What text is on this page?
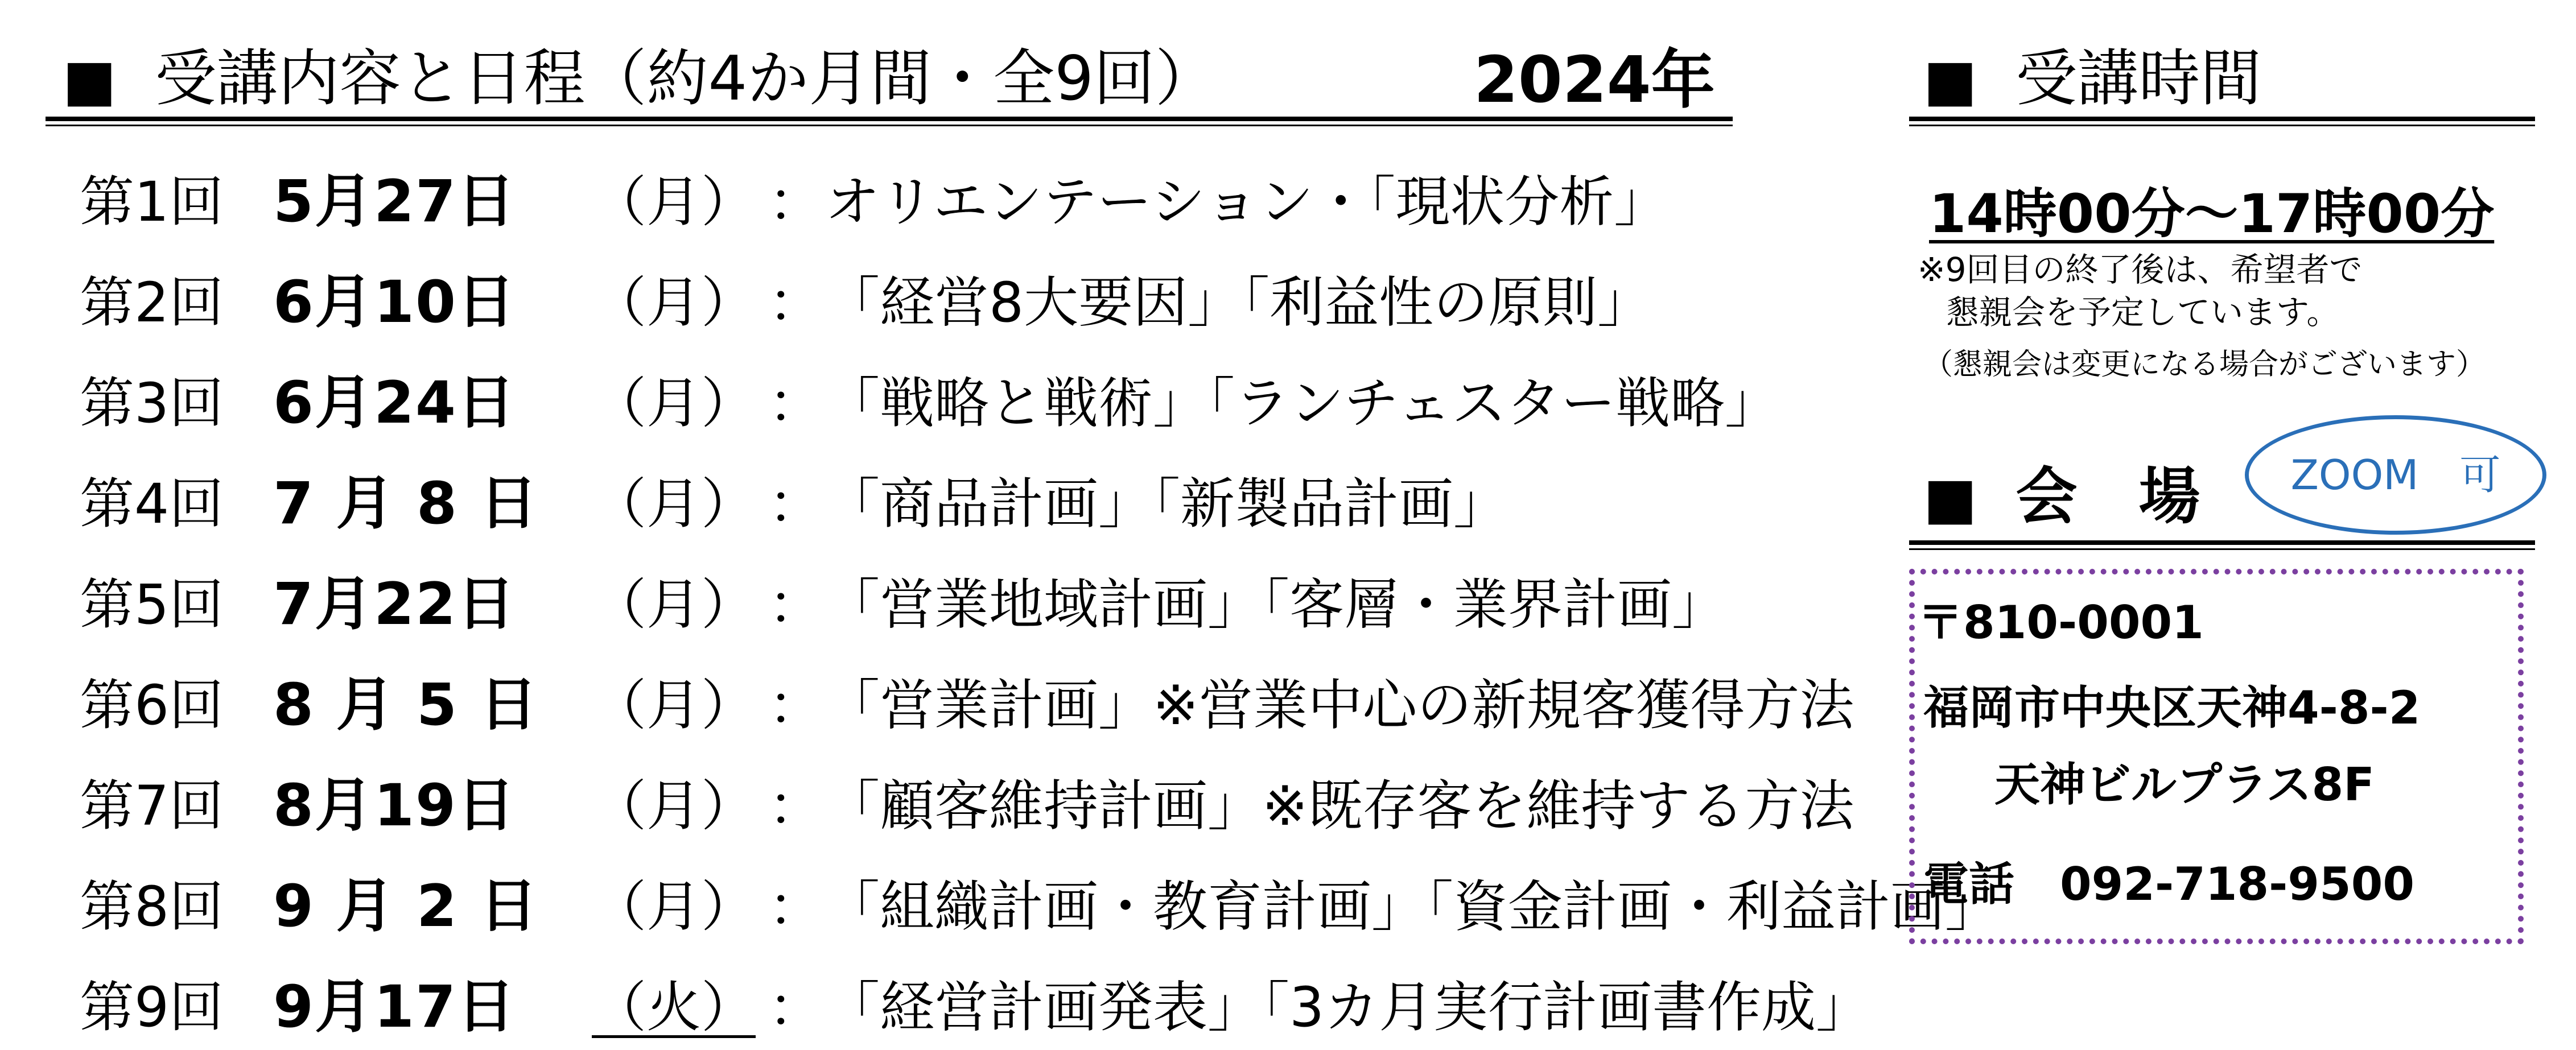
■ 受講内容と日程（約4か月間・全9回）	2024年
第1回 5月27日 （月） ： オリエンテーション・「現状分析」
第2回 6月10日 （月） ： 「経営8大要因」「利益性の原則」
第3回 6月24日 （月） ： 「戦略と戦術」「ランチェスター戦略」
第4回 7 月 8 日 （月） ： 「商品計画」「新製品計画」
第5回 7月22日 （月） ： 「営業地域計画」「客層・業界計画」
第6回 8 月 5 日 （月） ： 「営業計画」※営業中心の新規客獲得方法
第7回 8月19日 （月） ： 「顧客維持計画」※既存客を維持する方法
第8回 9 月 2 日 （月） ： 「組織計画・教育計画」「資金計画・利益計画」
第9回 9月17日 （火） ： 「経営計画発表」「3カ月実行計画書作成」
■ 受講時間
14時00分～17時00分
※9回目の終了後は、希望者で
懇親会を予定しています。
（懇親会は変更になる場合がございます）
■ 会　場	ZOOM　可
〒810-0001
福岡市中央区天神4-8-2
天神ビルプラス8F
電話　092-718-9500
